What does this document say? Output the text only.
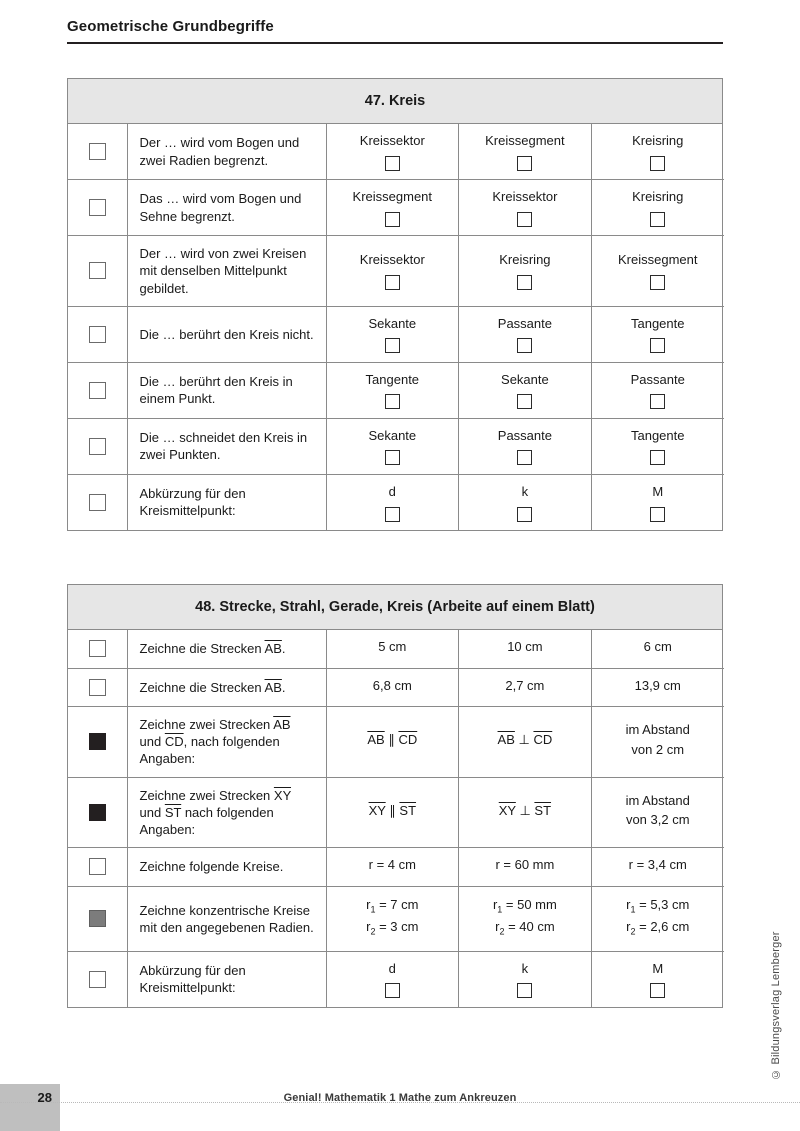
Geometrische Grundbegriffe
47. Kreis
	Der … wird vom Bogen und zwei Radien begrenzt.	Kreissektor	Kreissegment	Kreisring

	Das … wird vom Bogen und Sehne begrenzt.	Kreissegment	Kreissektor	Kreisring

	Der … wird von zwei Kreisen mit denselben Mittelpunkt gebildet.	Kreissektor	Kreisring	Kreissegment

	Die … berührt den Kreis nicht.	Sekante	Passante	Tangente

	Die … berührt den Kreis in einem Punkt.	Tangente	Sekante	Passante

	Die … schneidet den Kreis in zwei Punkten.	Sekante	Passante	Tangente

	Abkürzung für den Kreismittelpunkt:	d	k	M
48. Strecke, Strahl, Gerade, Kreis (Arbeite auf einem Blatt)
	Zeichne die Strecken $\overline{AB}$.	5 cm	10 cm	6 cm

	Zeichne die Strecken $\overline{AB}$.	6,8 cm	2,7 cm	13,9 cm

	Zeichne zwei Strecken $\overline{AB}$ und $\overline{CD}$, nach folgenden Angaben:	$\overline{AB}$ ∥ $\overline{CD}$	$\overline{AB}$ ⊥ $\overline{CD}$	im Abstand
von 2 cm

	Zeichne zwei Strecken $\overline{XY}$ und $\overline{ST}$ nach folgenden Angaben:	$\overline{XY}$ ∥ $\overline{ST}$	$\overline{XY}$ ⊥ $\overline{ST}$	im Abstand
von 3,2 cm

	Zeichne folgende Kreise.	r = 4 cm	r = 60 mm	r = 3,4 cm

	Zeichne konzentrische Kreise mit den angegebenen Radien.	$r_1 = 7$ cm
$r_2 = 3$ cm	$r_1 = 50$ mm
$r_2 = 40$ cm	$r_1 = 5,3$ cm
$r_2 = 2,6$ cm

	Abkürzung für den Kreismittelpunkt:	d	k	M	© Bildungsverlag Lemberger
28	Genial! Mathematik 1 Mathe zum Ankreuzen
